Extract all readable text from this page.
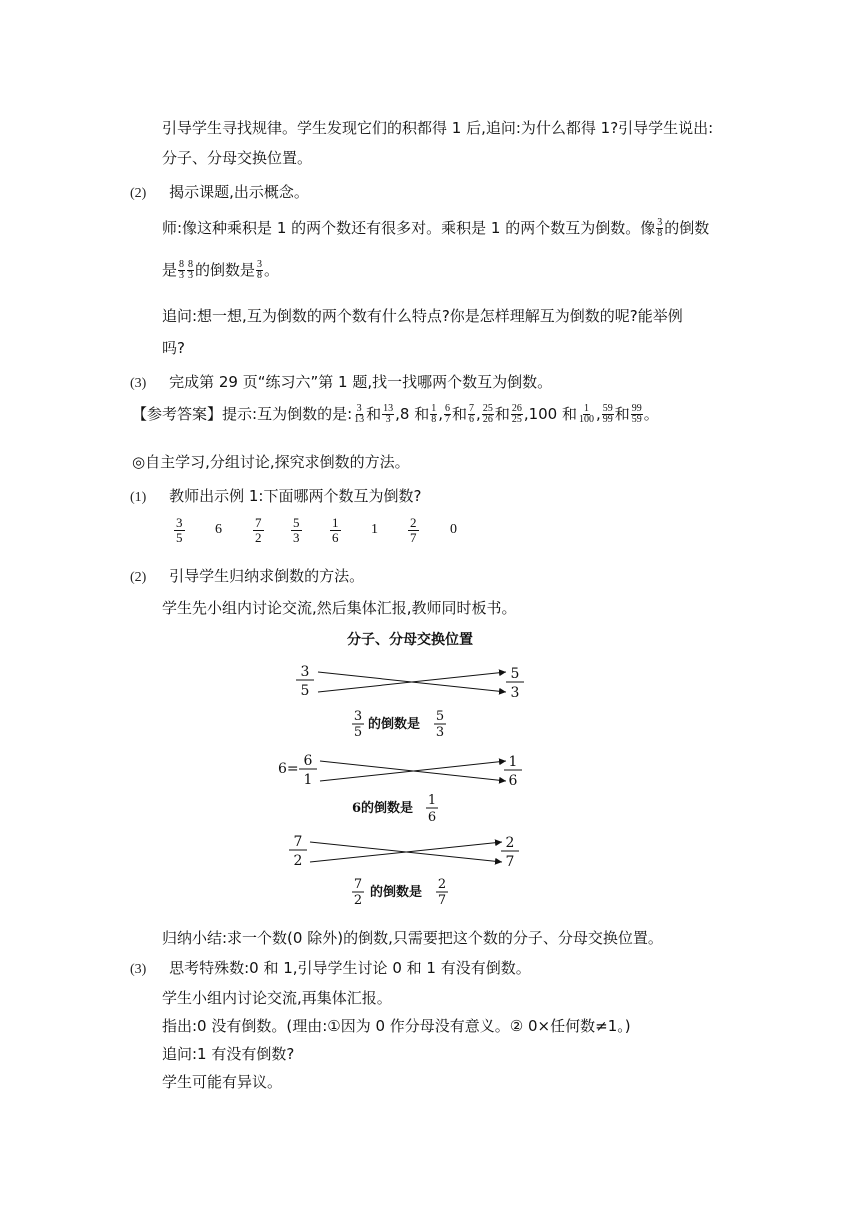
引导学生寻找规律。学生发现它们的积都得 1 后,追问:为什么都得 1?引导学生说出:
分子、分母交换位置。
(2) 揭示课题,出示概念。
师:像这种乘积是 1 的两个数还有很多对。乘积是 1 的两个数互为倒数。像 $\frac{3}{8}$ 的倒数
是 $\frac{8}{3} \frac{8}{3}$ 的倒数是 $\frac{3}{8}$ 。
追问:想一想,互为倒数的两个数有什么特点?你是怎样理解互为倒数的呢?能举例
吗?
(3) 完成第 29 页“练习六”第 1 题,找一找哪两个数互为倒数。
【参考答案】提示:互为倒数的是: $\frac{3}{13}$ 和 $\frac{13}{3} ,8$ 和 $\frac{1}{8}$ , $\frac{6}{7}$ 和 $\frac{7}{6}$ , $\frac{25}{26}$ 和 $\frac{26}{25} ,100$ 和 $\frac{1}{100}$ , $\frac{59}{99}$ 和 $\frac{99}{59}$ 。
◎自主学习,分组讨论,探究求倒数的方法。
(1) 教师出示例 1:下面哪两个数互为倒数?
$\frac{3}{5} 6 \frac{7}{2} \frac{5}{3} \frac{1}{6} 1 \frac{2}{7} 0$
(2) 引导学生归纳求倒数的方法。
学生先小组内讨论交流,然后集体汇报,教师同时板书。
分子、分母交换位置
3
5
5
3
3
5
的倒数是
5
3
6= 6
1
1
6
6的倒数是
1
6
7
2
2
7
7
2
的倒数是
2
7
归纳小结:求一个数(0 除外)的倒数,只需要把这个数的分子、分母交换位置。
(3) 思考特殊数:0 和 1,引导学生讨论 0 和 1 有没有倒数。
学生小组内讨论交流,再集体汇报。
指出:0 没有倒数。(理由:①因为 0 作分母没有意义。② 0×任何数≠1。)
追问:1 有没有倒数?
学生可能有异议。
